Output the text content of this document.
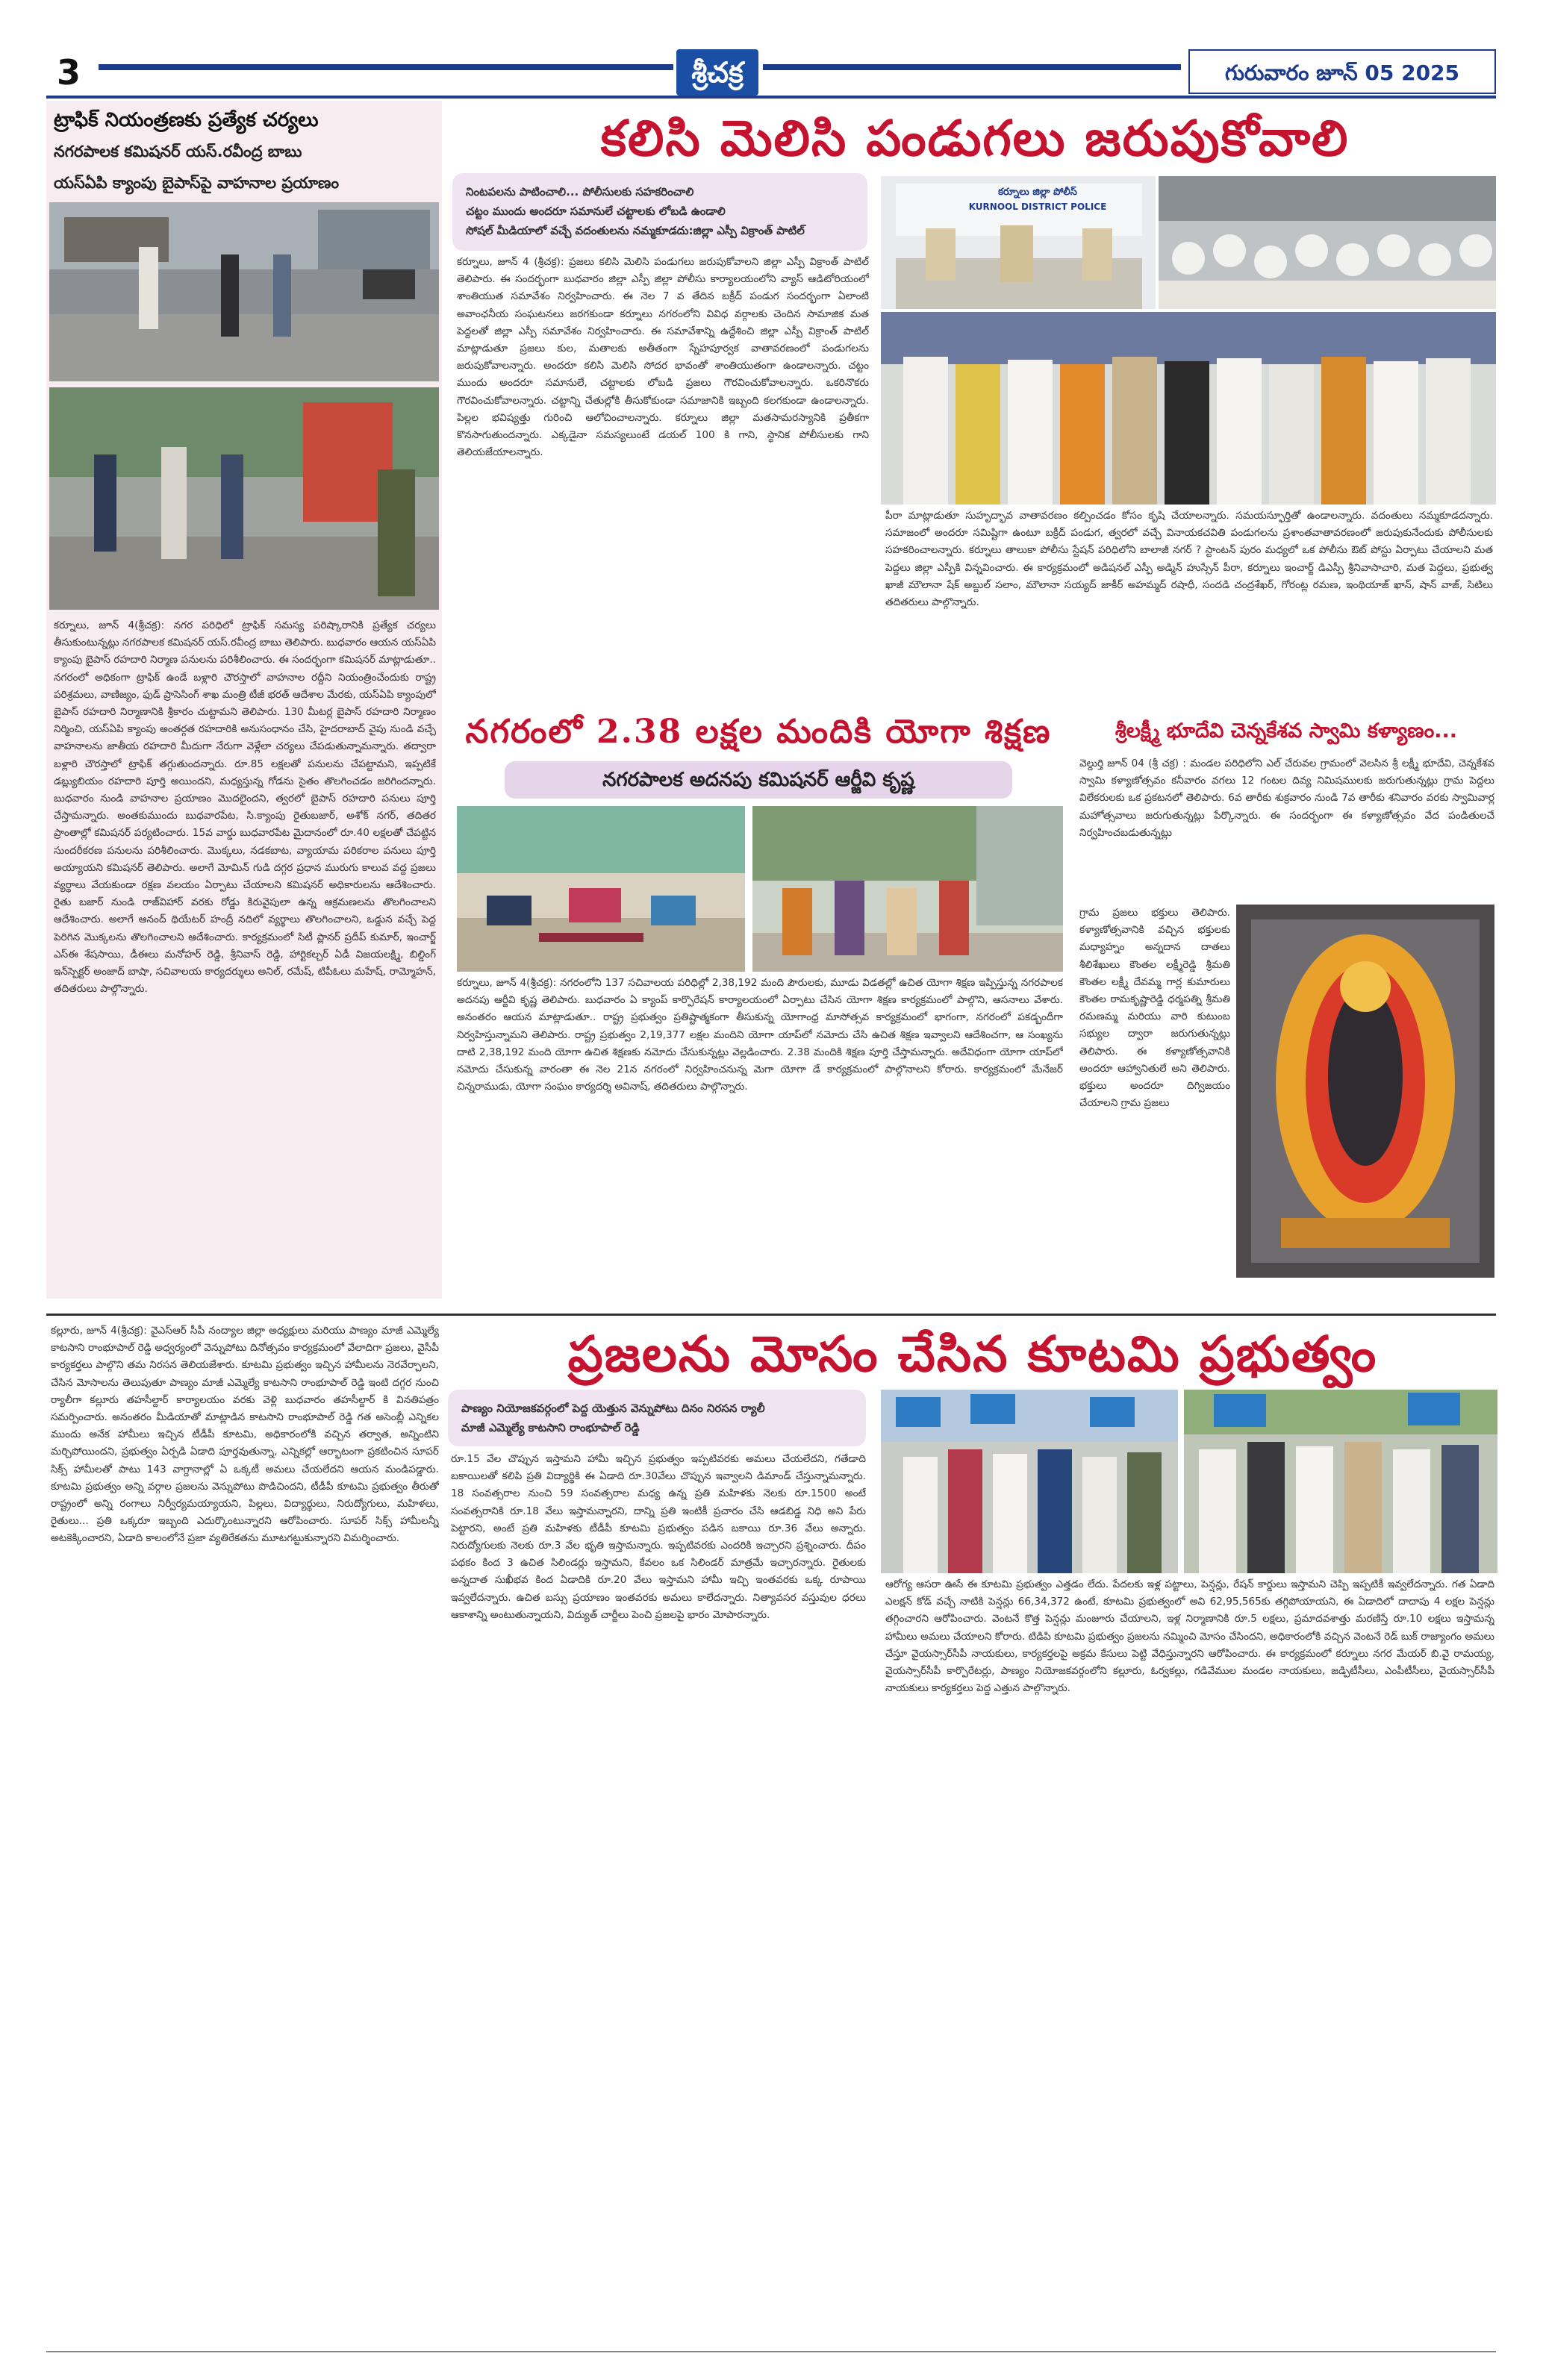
3	శ్రీచక్ర	గురువారం జూన్ 05 2025
ట్రాఫిక్ నియంత్రణకు ప్రత్యేక చర్యలు
నగరపాలక కమిషనర్ యస్.రవీంద్ర బాబు
యస్ఏపి క్యాంపు బైపాస్‌పై వాహనాల ప్రయాణం
కర్నూలు, జూన్ 4(శ్రీచక్ర): నగర పరిధిలో ట్రాఫిక్ సమస్య పరిష్కారానికి ప్రత్యేక చర్యలు తీసుకుంటున్నట్లు నగరపాలక కమిషనర్ యస్.రవీంద్ర బాబు తెలిపారు. బుధవారం ఆయన యస్ఏపి క్యాంపు బైపాస్ రహదారి నిర్మాణ పనులను పరిశీలించారు. ఈ సందర్భంగా కమిషనర్ మాట్లాడుతూ.. నగరంలో అధికంగా ట్రాఫిక్ ఉండే బళ్లారి చౌరస్తాలో వాహనాల రద్దీని నియంత్రించేందుకు రాష్ట్ర పరిశ్రమలు, వాణిజ్యం, ఫుడ్ ప్రాసెసింగ్ శాఖ మంత్రి టీజీ భరత్ ఆదేశాల మేరకు, యస్ఏపి క్యాంపులో బైపాస్ రహదారి నిర్మాణానికి శ్రీకారం చుట్టామని తెలిపారు. 130 మీటర్ల బైపాస్ రహదారి నిర్మాణం నిర్మించి, యస్ఏపి క్యాంపు అంతర్గత రహదారికి అనుసంధానం చేసి, హైదరాబాద్ వైపు నుండి వచ్చే వాహనాలను జాతీయ రహదారి మీదుగా నేరుగా వెళ్లేలా చర్యలు చేపడుతున్నామన్నారు. తద్వారా బళ్లారి చౌరస్తాలో ట్రాఫిక్ తగ్గుతుందన్నారు. రూ.85 లక్షలతో పనులను చేపట్టామని, ఇప్పటికే డబ్ల్యుబియం రహదారి పూర్తి అయిందని, మధ్యస్తున్న గోడను సైతం తొలగించడం జరిగిందన్నారు. బుధవారం నుండి వాహనాల ప్రయాణం మొదలైందని, త్వరలో బైపాస్ రహదారి పనులు పూర్తి చేస్తామన్నారు. అంతకుముందు బుధవారపేట, సి.క్యాంపు రైతుబజార్, అశోక్ నగర్, తదితర ప్రాంతాల్లో కమిషనర్ పర్యటించారు. 15వ వార్డు బుధవారపేట మైదానంలో రూ.40 లక్షలతో చేపట్టిన సుందరీకరణ పనులను పరిశీలించారు. మొక్కలు, నడకబాట, వ్యాయామ పరికరాల పనులు పూర్తి అయ్యాయని కమిషనర్ తెలిపారు. అలాగే మోమిన్ గుడి దగ్గర ప్రధాన మురుగు కాలువ వద్ద ప్రజలు వ్యర్థాలు వేయకుండా రక్షణ వలయం ఏర్పాటు చేయాలని కమిషనర్ అధికారులను ఆదేశించారు. రైతు బజార్ నుండి రాజ్‌విహార్ వరకు రోడ్డు కిరువైపులా ఉన్న ఆక్రమణలను తొలగించాలని ఆదేశించారు. అలాగే ఆనంద్ థియేటర్ హంద్రీ నదిలో వ్యర్థాలు తొలగించాలని, ఒడ్డున వచ్చే పెద్ద పెరిగిన మొక్కలను తొలగించాలని ఆదేశించారు. కార్యక్రమంలో సిటీ ప్లానర్ ప్రదీప్ కుమార్, ఇంచార్జ్ ఎస్ఈ శేషసాయి, డీఈలు మనోహర్ రెడ్డి, శ్రీనివాస్ రెడ్డి, హార్టికల్చర్ ఏడీ విజయలక్ష్మి, బిల్డింగ్ ఇన్‌స్పెక్టర్ అంజాద్ బాషా, సచివాలయ కార్యదర్శులు అనిల్, రమేష్, టిపీఓలు మహేష్, రామ్మోహన్, తదితరులు పాల్గొన్నారు.
కలిసి మెలిసి పండుగలు జరుపుకోవాలి
నింటపలను పాటించాలి... పోలీసులకు సహకరించాలి
చట్టం ముందు అందరూ సమానులే చట్టాలకు లోబడి ఉండాలి
సోషల్ మీడియాలో వచ్చే వదంతులను నమ్మకూడదు:జిల్లా ఎస్పీ విక్రాంత్ పాటిల్
కర్నూలు, జూన్ 4 (శ్రీచక్ర): ప్రజలు కలిసి మెలిసి పండుగలు జరుపుకోవాలని జిల్లా ఎస్పీ విక్రాంత్ పాటిల్ తెలిపారు. ఈ సందర్భంగా బుధవారం జిల్లా ఎస్పీ జిల్లా పోలీసు కార్యాలయంలోని వ్యాస్ ఆడిటోరియంలో శాంతియుత సమావేశం నిర్వహించారు. ఈ నెల 7 వ తేదిన బక్రీద్ పండుగ సందర్భంగా ఏలాంటి అవాంఛనీయ సంఘటనలు జరగకుండా కర్నూలు నగరంలోని వివిధ వర్గాలకు చెందిన సామాజిక మత పెద్దలతో జిల్లా ఎస్పీ సమావేశం నిర్వహించారు. ఈ సమావేశాన్ని ఉద్దేశించి జిల్లా ఎస్పీ విక్రాంత్ పాటిల్ మాట్లాడుతూ ప్రజలు కుల, మతాలకు అతీతంగా స్నేహపూర్వక వాతావరణంలో పండుగలను జరుపుకోవాలన్నారు. అందరూ కలిసి మెలిసి సోదర భావంతో శాంతియుతంగా ఉండాలన్నారు. చట్టం ముందు అందరూ సమానులే, చట్టాలకు లోబడి ప్రజలు గౌరవించుకోవాలన్నారు. ఒకరినొకరు గౌరవించుకోవాలన్నారు. చట్టాన్ని చేతుల్లోకి తీసుకోకుండా సమాజానికి ఇబ్బంది కలగకుండా ఉండాలన్నారు. పిల్లల భవిష్యత్తు గురించి ఆలోచించాలన్నారు. కర్నూలు జిల్లా మతసామరస్యానికి ప్రతీకగా కొనసాగుతుందన్నారు. ఎక్కడైనా సమస్యలుంటే డయల్ 100 కి గాని, స్థానిక పోలీసులకు గాని తెలియజేయాలన్నారు.
కర్నూలు జిల్లా పోలీస్
KURNOOL DISTRICT POLICE
పీరా మాట్లాడుతూ సుహృద్భావ వాతావరణం కల్పించడం కోసం కృషి చేయాలన్నారు. సమయస్ఫూర్తితో ఉండాలన్నారు. వదంతులు నమ్మకూడదన్నారు. సమాజంలో అందరూ సమిష్టిగా ఉంటూ బక్రీద్ పండుగ, త్వరలో వచ్చే వినాయకచవితి పండుగలను ప్రశాంతవాతావరణంలో జరుపుకునేందుకు పోలీసులకు సహకరించాలన్నారు. కర్నూలు తాలుకా పోలీసు స్టేషన్ పరిధిలోని బాలాజీ నగర్ ? స్టాంటన్ పురం మధ్యలో ఒక పోలీసు ఔట్ పోస్టు ఏర్పాటు చేయాలని మత పెద్దలు జిల్లా ఎస్పీకి విన్నవించారు. ఈ కార్యక్రమంలో అడిషనల్ ఎస్పీ అడ్మిన్ హుస్సేన్ పీరా, కర్నూలు ఇంచార్జ్ డిఎస్పీ శ్రీనివాసాచారి, మత పెద్దలు, ప్రభుత్వ ఖాజీ మౌలానా షేక్ అబ్దుల్ సలాం, మౌలానా సయ్యద్ జాకీర్ అహమ్మద్ రషాధీ, సందడి చంద్రశేఖర్, గోరంట్ల రమణ, ఇంథియాజ్ ఖాన్, షాన్ వాజ్, సిటిలు తదితరులు పాల్గొన్నారు.
నగరంలో 2.38 లక్షల మందికి యోగా శిక్షణ
నగరపాలక అదనపు కమిషనర్ ఆర్జీవి కృష్ణ
కర్నూలు, జూన్ 4(శ్రీచక్ర): నగరంలోని 137 సచివాలయ పరిధిల్లో 2,38,192 మంది పౌరులకు, మూడు విడతల్లో ఉచిత యోగా శిక్షణ ఇప్పిస్తున్న నగరపాలక అదనపు ఆర్జీవి కృష్ణ తెలిపారు. బుధవారం ఏ క్యాంప్ కార్పొరేషన్ కార్యాలయంలో ఏర్పాటు చేసిన యోగా శిక్షణ కార్యక్రమంలో పాల్గొని, ఆసనాలు వేశారు. అనంతరం ఆయన మాట్లాడుతూ.. రాష్ట్ర ప్రభుత్వం ప్రతిష్టాత్మకంగా తీసుకున్న యోగాంధ్ర మాసోత్సవ కార్యక్రమంలో భాగంగా, నగరంలో పకడ్బందీగా నిర్వహిస్తున్నామని తెలిపారు. రాష్ట్ర ప్రభుత్వం 2,19,377 లక్షల మందిని యోగా యాప్‌లో నమోదు చేసి ఉచిత శిక్షణ ఇవ్వాలని ఆదేశించగా, ఆ సంఖ్యను దాటి 2,38,192 మంది యోగా ఉచిత శిక్షణకు నమోదు చేసుకున్నట్లు వెల్లడించారు. 2.38 మందికి శిక్షణ పూర్తి చేస్తామన్నారు. అదేవిధంగా యోగా యాప్‌లో నమోదు చేసుకున్న వారంతా ఈ నెల 21న నగరంలో నిర్వహించనున్న మెగా యోగా డే కార్యక్రమంలో పాల్గొనాలని కోరారు. కార్యక్రమంలో మేనేజర్ చిన్నరాముడు, యోగా సంఘం కార్యదర్శి అవినాష్, తదితరులు పాల్గొన్నారు.
శ్రీలక్ష్మీ భూదేవి చెన్నకేశవ స్వామి కళ్యాణం...
వెల్దుర్తి జూన్ 04 (శ్రీ చక్ర) : మండల పరిధిలోని ఎల్ చేరువల గ్రామంలో వెలసిన శ్రీ లక్ష్మీ భూదేవి, చెన్నకేశవ స్వామి కళ్యాణోత్సవం కనీవారం వగలు 12 గంటల దివ్య నిమిషములకు జరుగుతున్నట్లు గ్రామ పెద్దలు విలేకరులకు ఒక ప్రకటనలో తెలిపారు. 6వ తారీకు శుక్రవారం నుండి 7వ తారీకు శనివారం వరకు స్వామివార్ల మహోత్సవాలు జరుగుతున్నట్లు పేర్కొన్నారు. ఈ సందర్భంగా ఈ కళ్యాణోత్సవం వేద పండితులచే నిర్వహించబడుతున్నట్లు
గ్రామ ప్రజలు భక్తులు తెలిపారు. కళ్యాణోత్సవానికి వచ్చిన భక్తులకు మధ్యాహ్నం అన్నదాన దాతలు శీలిశేఖులు కౌంతల లక్ష్మీరెడ్డి శ్రీమతి కౌంతల లక్ష్మీ దేవమ్మ గార్ల కుమారులు కౌంతల రామకృష్ణారెడ్డి ధర్మపత్ని శ్రీమతి రమణమ్మ మరియు వారి కుటుంబ సభ్యుల ద్వారా జరుగుతున్నట్లు తెలిపారు. ఈ కళ్యాణోత్సవానికి అందరూ ఆహ్వానితులే అని తెలిపారు. భక్తులు అందరూ దిగ్విజయం చేయాలని గ్రామ ప్రజలు
కల్లూరు, జూన్ 4(శ్రీచక్ర): వైఎస్ఆర్ సీపీ నంద్యాల జిల్లా అధ్యక్షులు మరియు పాణ్యం మాజీ ఎమ్మెల్యే కాటసాని రాంభూపాల్ రెడ్డి అధ్వర్యంలో వెన్నుపోటు దినోత్సవం కార్యక్రమంలో వేలాదిగా ప్రజలు, వైసీపీ కార్యకర్తలు పాల్గొని తమ నిరసన తెలియజేశారు. కూటమి ప్రభుత్వం ఇచ్చిన హామీలను నెరవేర్చాలని, చేసిన మోసాలను తెలుపుతూ పాణ్యం మాజీ ఎమ్మెల్యే కాటసాని రాంభూపాల్ రెడ్డి ఇంటి దగ్గర నుంచి ర్యాలీగా కల్లూరు తహసీల్దార్ కార్యాలయం వరకు వెళ్లి బుధవారం తహసీల్దార్ కి వినతిపత్రం సమర్పించారు. అనంతరం మీడియాతో మాట్లాడిన కాటసాని రాంభూపాల్ రెడ్డి గత అసెంబ్లీ ఎన్నికల ముందు అనేక హామీలు ఇచ్చిన టీడీపీ కూటమి, అధికారంలోకి వచ్చిన తర్వాత, అన్నింటిని మర్చిపోయిందని, ప్రభుత్వం ఏర్పడి ఏడాది పూర్తవుతున్నా, ఎన్నికల్లో ఆర్భాటంగా ప్రకటించిన సూపర్ సిక్స్ హామీలతో పాటు 143 వాగ్దానాల్లో ఏ ఒక్కటీ అమలు చేయలేదని ఆయన మండిపడ్డారు. కూటమి ప్రభుత్వం అన్ని వర్గాల ప్రజలను వెన్నుపోటు పొడిచిందని, టీడీపీ కూటమి ప్రభుత్వం తీరుతో రాష్ట్రంలో అన్ని రంగాలు నిర్వీర్యమయ్యాయని, పిల్లలు, విద్యార్థులు, నిరుద్యోగులు, మహిళలు, రైతులు... ప్రతి ఒక్కరూ ఇబ్బంది ఎదుర్కొంటున్నారని ఆరోపించారు. సూపర్ సిక్స్ హామీలన్నీ అటకెక్కించారని, ఏడాది కాలంలోనే ప్రజా వ్యతిరేకతను మూటగట్టుకున్నారని విమర్శించారు.
ప్రజలను మోసం చేసిన కూటమి ప్రభుత్వం
పాణ్యం నియోజకవర్గంలో పెద్ద యెత్తున వెన్నుపోటు దినం నిరసన ర్యాలీ
మాజీ ఎమ్మెల్యే కాటసాని రాంభూపాల్ రెడ్డి
రూ.15 వేల చొప్పున ఇస్తామని హామీ ఇచ్చిన ప్రభుత్వం ఇప్పటివరకు అమలు చేయలేదని, గతేడాది బకాయిలతో కలిపి ప్రతి విద్యార్థికి ఈ ఏడాది రూ.30వేలు చొప్పున ఇవ్వాలని డిమాండ్ చేస్తున్నామన్నారు. 18 సంవత్సరాల నుంచి 59 సంవత్సరాల మధ్య ఉన్న ప్రతి మహిళకు నెలకు రూ.1500 అంటే సంవత్సరానికి రూ.18 వేలు ఇస్తామన్నారని, దాన్ని ప్రతి ఇంటికీ ప్రచారం చేసి ఆడబిడ్డ నిధి అని పేరు పెట్టారని, అంటే ప్రతి మహిళకు టీడీపీ కూటమి ప్రభుత్వం పడిన బకాయి రూ.36 వేలు అన్నారు. నిరుద్యోగులకు నెలకు రూ.3 వేల భృతి ఇస్తామన్నారు. ఇప్పటివరకు ఎందరికి ఇచ్చారని ప్రశ్నించారు. దీపం పథకం కింద 3 ఉచిత సిలిండర్లు ఇస్తామని, కేవలం ఒక సిలిండర్ మాత్రమే ఇచ్చారన్నారు. రైతులకు అన్నదాత సుఖీభవ కింద ఏడాదికి రూ.20 వేలు ఇస్తామని హామీ ఇచ్చి ఇంతవరకు ఒక్క రూపాయి ఇవ్వలేదన్నారు. ఉచిత బస్సు ప్రయాణం ఇంతవరకు అమలు కాలేదన్నారు. నిత్యావసర వస్తువుల ధరలు ఆకాశాన్ని అంటుతున్నాయని, విద్యుత్ చార్జీలు పెంచి ప్రజలపై భారం మోపారన్నారు.
ఆరోగ్య ఆసరా ఊసే ఈ కూటమి ప్రభుత్వం ఎత్తడం లేదు. పేదలకు ఇళ్ల పట్టాలు, పెన్షన్లు, రేషన్ కార్డులు ఇస్తామని చెప్పి ఇప్పటికీ ఇవ్వలేదన్నారు. గత ఏడాది ఎలక్షన్ కోడ్ వచ్చే నాటికి పెన్షన్లు 66,34,372 ఉంటే, కూటమి ప్రభుత్వంలో అవి 62,95,565కు తగ్గిపోయాయని, ఈ ఏడాదిలో దాదాపు 4 లక్షల పెన్షన్లు తగ్గించారని ఆరోపించారు. వెంటనే కొత్త పెన్షన్లు మంజూరు చేయాలని, ఇళ్ల నిర్మాణానికి రూ.5 లక్షలు, ప్రమాదవశాత్తు మరణిస్తే రూ.10 లక్షలు ఇస్తామన్న హామీలు అమలు చేయాలని కోరారు. టిడిపి కూటమి ప్రభుత్వం ప్రజలను నమ్మించి మోసం చేసిందని, అధికారంలోకి వచ్చిన వెంటనే రెడ్ బుక్ రాజ్యాంగం అమలు చేస్తూ వైయస్సార్‌సీపీ నాయకులు, కార్యకర్తలపై అక్రమ కేసులు పెట్టి వేధిస్తున్నారని ఆరోపించారు. ఈ కార్యక్రమంలో కర్నూలు నగర మేయర్ బి.వై రామయ్య, వైయస్సార్‌సీపీ కార్పొరేటర్లు, పాణ్యం నియోజకవర్గంలోని కల్లూరు, ఓర్వకల్లు, గడివేముల మండల నాయకులు, జడ్పిటీసీలు, ఎంపీటీసీలు, వైయస్సార్‌సీపీ నాయకులు కార్యకర్తలు పెద్ద ఎత్తున పాల్గొన్నారు.
